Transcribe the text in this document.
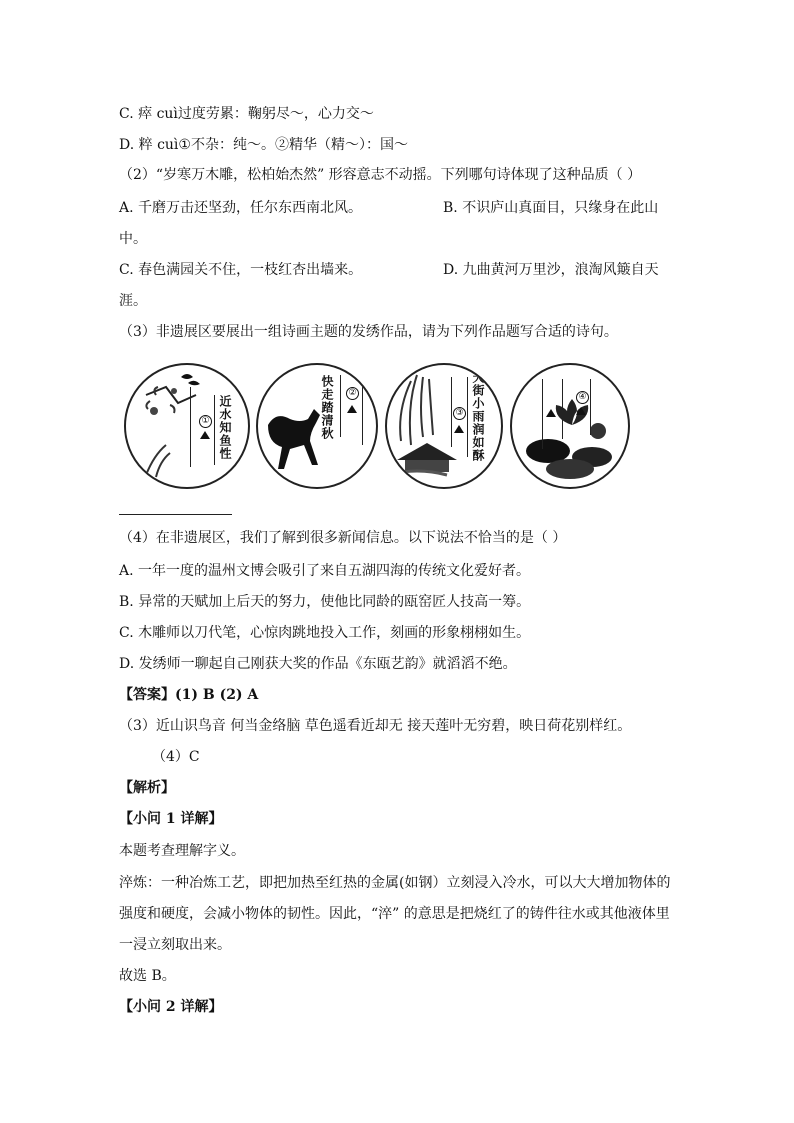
C. 瘁 cuì过度劳累：鞠躬尽～，心力交～
D. 粹 cuì①不杂：纯～。②精华（精～）：国～
（2）“岁寒万木雕，松柏始杰然” 形容意志不动摇。下列哪句诗体现了这种品质（ ）
A. 千磨万击还坚劲，任尔东西南北风。	B. 不识庐山真面目，只缘身在此山
中。
C. 春色满园关不住，一枝红杏出墙来。	D. 九曲黄河万里沙，浪淘风簸自天
涯。
（3）非遗展区要展出一组诗画主题的发绣作品，请为下列作品题写合适的诗句。
① 近水知鱼性	快走踏清秋 ②
③ 天街小雨润如酥	④
（4）在非遗展区，我们了解到很多新闻信息。以下说法不恰当的是（ ）
A. 一年一度的温州文博会吸引了来自五湖四海的传统文化爱好者。
B. 异常的天赋加上后天的努力，使他比同龄的瓯窑匠人技高一筹。
C. 木雕师以刀代笔，心惊肉跳地投入工作，刻画的形象栩栩如生。
D. 发绣师一聊起自己刚获大奖的作品《东瓯艺韵》就滔滔不绝。
【答案】(1) B (2) A
（3）近山识鸟音 何当金络脑 草色遥看近却无 接天莲叶无穷碧，映日荷花别样红。
（4）C
【解析】
【小问 1 详解】
本题考查理解字义。
淬炼：一种冶炼工艺，即把加热至红热的金属(如钢）立刻浸入冷水，可以大大增加物体的
强度和硬度，会减小物体的韧性。因此，“淬” 的意思是把烧红了的铸件往水或其他液体里
一浸立刻取出来。
故选 B。
【小问 2 详解】
